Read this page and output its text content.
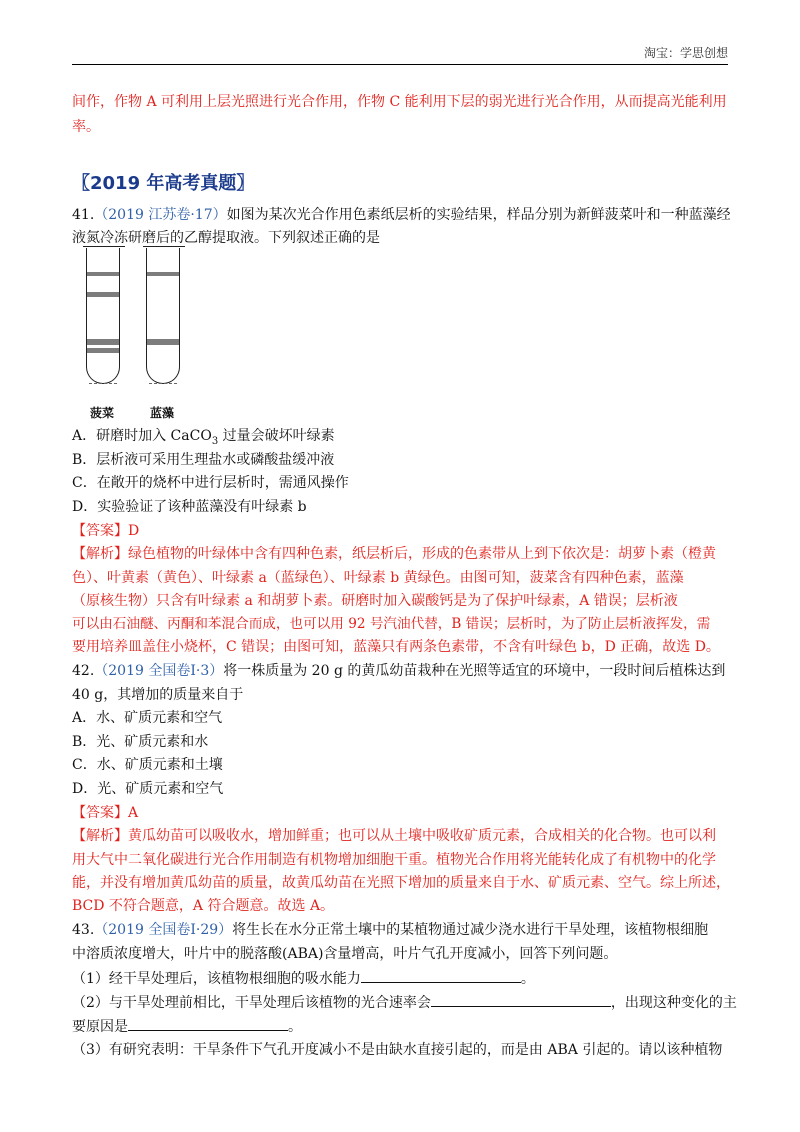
淘宝：学思创想
间作，作物 A 可利用上层光照进行光合作用，作物 C 能利用下层的弱光进行光合作用，从而提高光能利用
率。
〖2019 年高考真题〗
41.（2019 江苏卷·17）如图为某次光合作用色素纸层析的实验结果，样品分别为新鲜菠菜叶和一种蓝藻经
液氮冷冻研磨后的乙醇提取液。下列叙述正确的是
菠菜	蓝藻
A．研磨时加入 CaCO$_3$ 过量会破坏叶绿素
B．层析液可采用生理盐水或磷酸盐缓冲液
C．在敞开的烧杯中进行层析时，需通风操作
D．实验验证了该种蓝藻没有叶绿素 b
【答案】D
【解析】绿色植物的叶绿体中含有四种色素，纸层析后，形成的色素带从上到下依次是：胡萝卜素（橙黄
色）、叶黄素（黄色）、叶绿素 a（蓝绿色）、叶绿素 b 黄绿色。由图可知，菠菜含有四种色素，蓝藻
（原核生物）只含有叶绿素 a 和胡萝卜素。研磨时加入碳酸钙是为了保护叶绿素，A 错误；层析液
可以由石油醚、丙酮和苯混合而成，也可以用 92 号汽油代替，B 错误；层析时，为了防止层析液挥发，需
要用培养皿盖住小烧杯，C 错误；由图可知，蓝藻只有两条色素带，不含有叶绿色 b，D 正确，故选 D。
42.（2019 全国卷Ⅰ·3）将一株质量为 20 g 的黄瓜幼苗栽种在光照等适宜的环境中，一段时间后植株达到
40 g，其增加的质量来自于
A．水、矿质元素和空气
B．光、矿质元素和水
C．水、矿质元素和土壤
D．光、矿质元素和空气
【答案】A
【解析】黄瓜幼苗可以吸收水，增加鲜重；也可以从土壤中吸收矿质元素，合成相关的化合物。也可以利
用大气中二氧化碳进行光合作用制造有机物增加细胞干重。植物光合作用将光能转化成了有机物中的化学
能，并没有增加黄瓜幼苗的质量，故黄瓜幼苗在光照下增加的质量来自于水、矿质元素、空气。综上所述，
BCD 不符合题意，A 符合题意。故选 A。
43.（2019 全国卷Ⅰ·29）将生长在水分正常土壤中的某植物通过减少浇水进行干旱处理，该植物根细胞
中溶质浓度增大，叶片中的脱落酸(ABA)含量增高，叶片气孔开度减小，回答下列问题。
（1）经干旱处理后，该植物根细胞的吸水能力	。
（2）与干旱处理前相比，干旱处理后该植物的光合速率会	，出现这种变化的主
要原因是	。
（3）有研究表明：干旱条件下气孔开度减小不是由缺水直接引起的，而是由 ABA 引起的。请以该种植物
